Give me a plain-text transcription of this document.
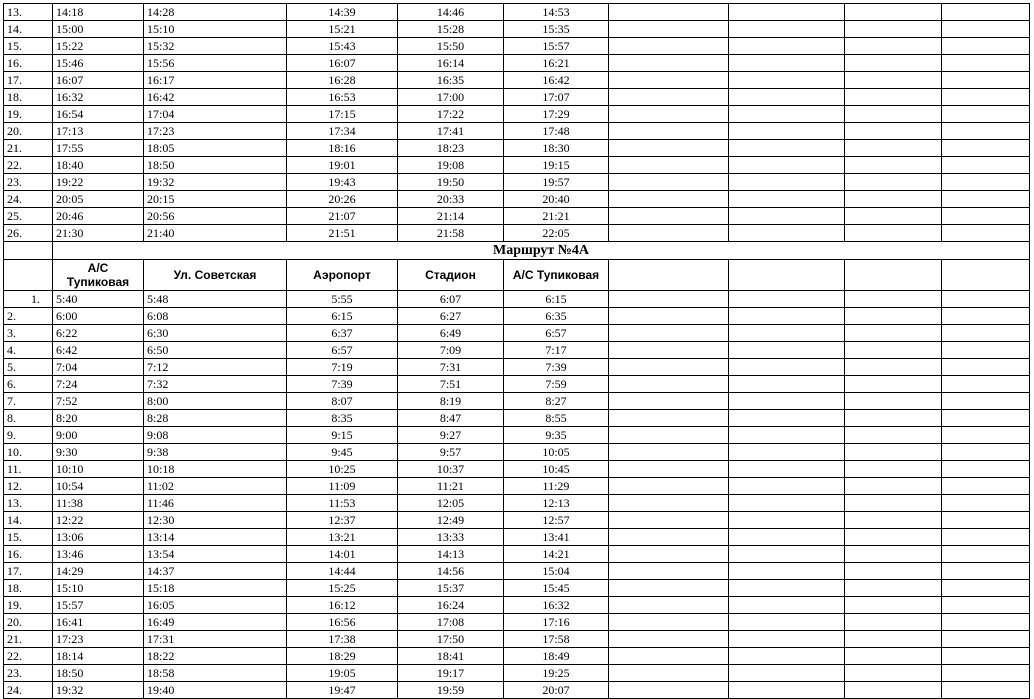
13.	14:18	14:28	14:39	14:46	14:53				
14.	15:00	15:10	15:21	15:28	15:35				
15.	15:22	15:32	15:43	15:50	15:57				
16.	15:46	15:56	16:07	16:14	16:21				
17.	16:07	16:17	16:28	16:35	16:42				
18.	16:32	16:42	16:53	17:00	17:07				
19.	16:54	17:04	17:15	17:22	17:29				
20.	17:13	17:23	17:34	17:41	17:48				
21.	17:55	18:05	18:16	18:23	18:30				
22.	18:40	18:50	19:01	19:08	19:15				
23.	19:22	19:32	19:43	19:50	19:57				
24.	20:05	20:15	20:26	20:33	20:40				
25.	20:46	20:56	21:07	21:14	21:21				
26.	21:30	21:40	21:51	21:58	22:05				
	Маршрут №4А								
	А/С Тупиковая	Ул. Советская	Аэропорт	Стадион	А/С Тупиковая				
1.	5:40	5:48	5:55	6:07	6:15				
2.	6:00	6:08	6:15	6:27	6:35				
3.	6:22	6:30	6:37	6:49	6:57				
4.	6:42	6:50	6:57	7:09	7:17				
5.	7:04	7:12	7:19	7:31	7:39				
6.	7:24	7:32	7:39	7:51	7:59				
7.	7:52	8:00	8:07	8:19	8:27				
8.	8:20	8:28	8:35	8:47	8:55				
9.	9:00	9:08	9:15	9:27	9:35				
10.	9:30	9:38	9:45	9:57	10:05				
11.	10:10	10:18	10:25	10:37	10:45				
12.	10:54	11:02	11:09	11:21	11:29				
13.	11:38	11:46	11:53	12:05	12:13				
14.	12:22	12:30	12:37	12:49	12:57				
15.	13:06	13:14	13:21	13:33	13:41				
16.	13:46	13:54	14:01	14:13	14:21				
17.	14:29	14:37	14:44	14:56	15:04				
18.	15:10	15:18	15:25	15:37	15:45				
19.	15:57	16:05	16:12	16:24	16:32				
20.	16:41	16:49	16:56	17:08	17:16				
21.	17:23	17:31	17:38	17:50	17:58				
22.	18:14	18:22	18:29	18:41	18:49				
23.	18:50	18:58	19:05	19:17	19:25				
24.	19:32	19:40	19:47	19:59	20:07				
